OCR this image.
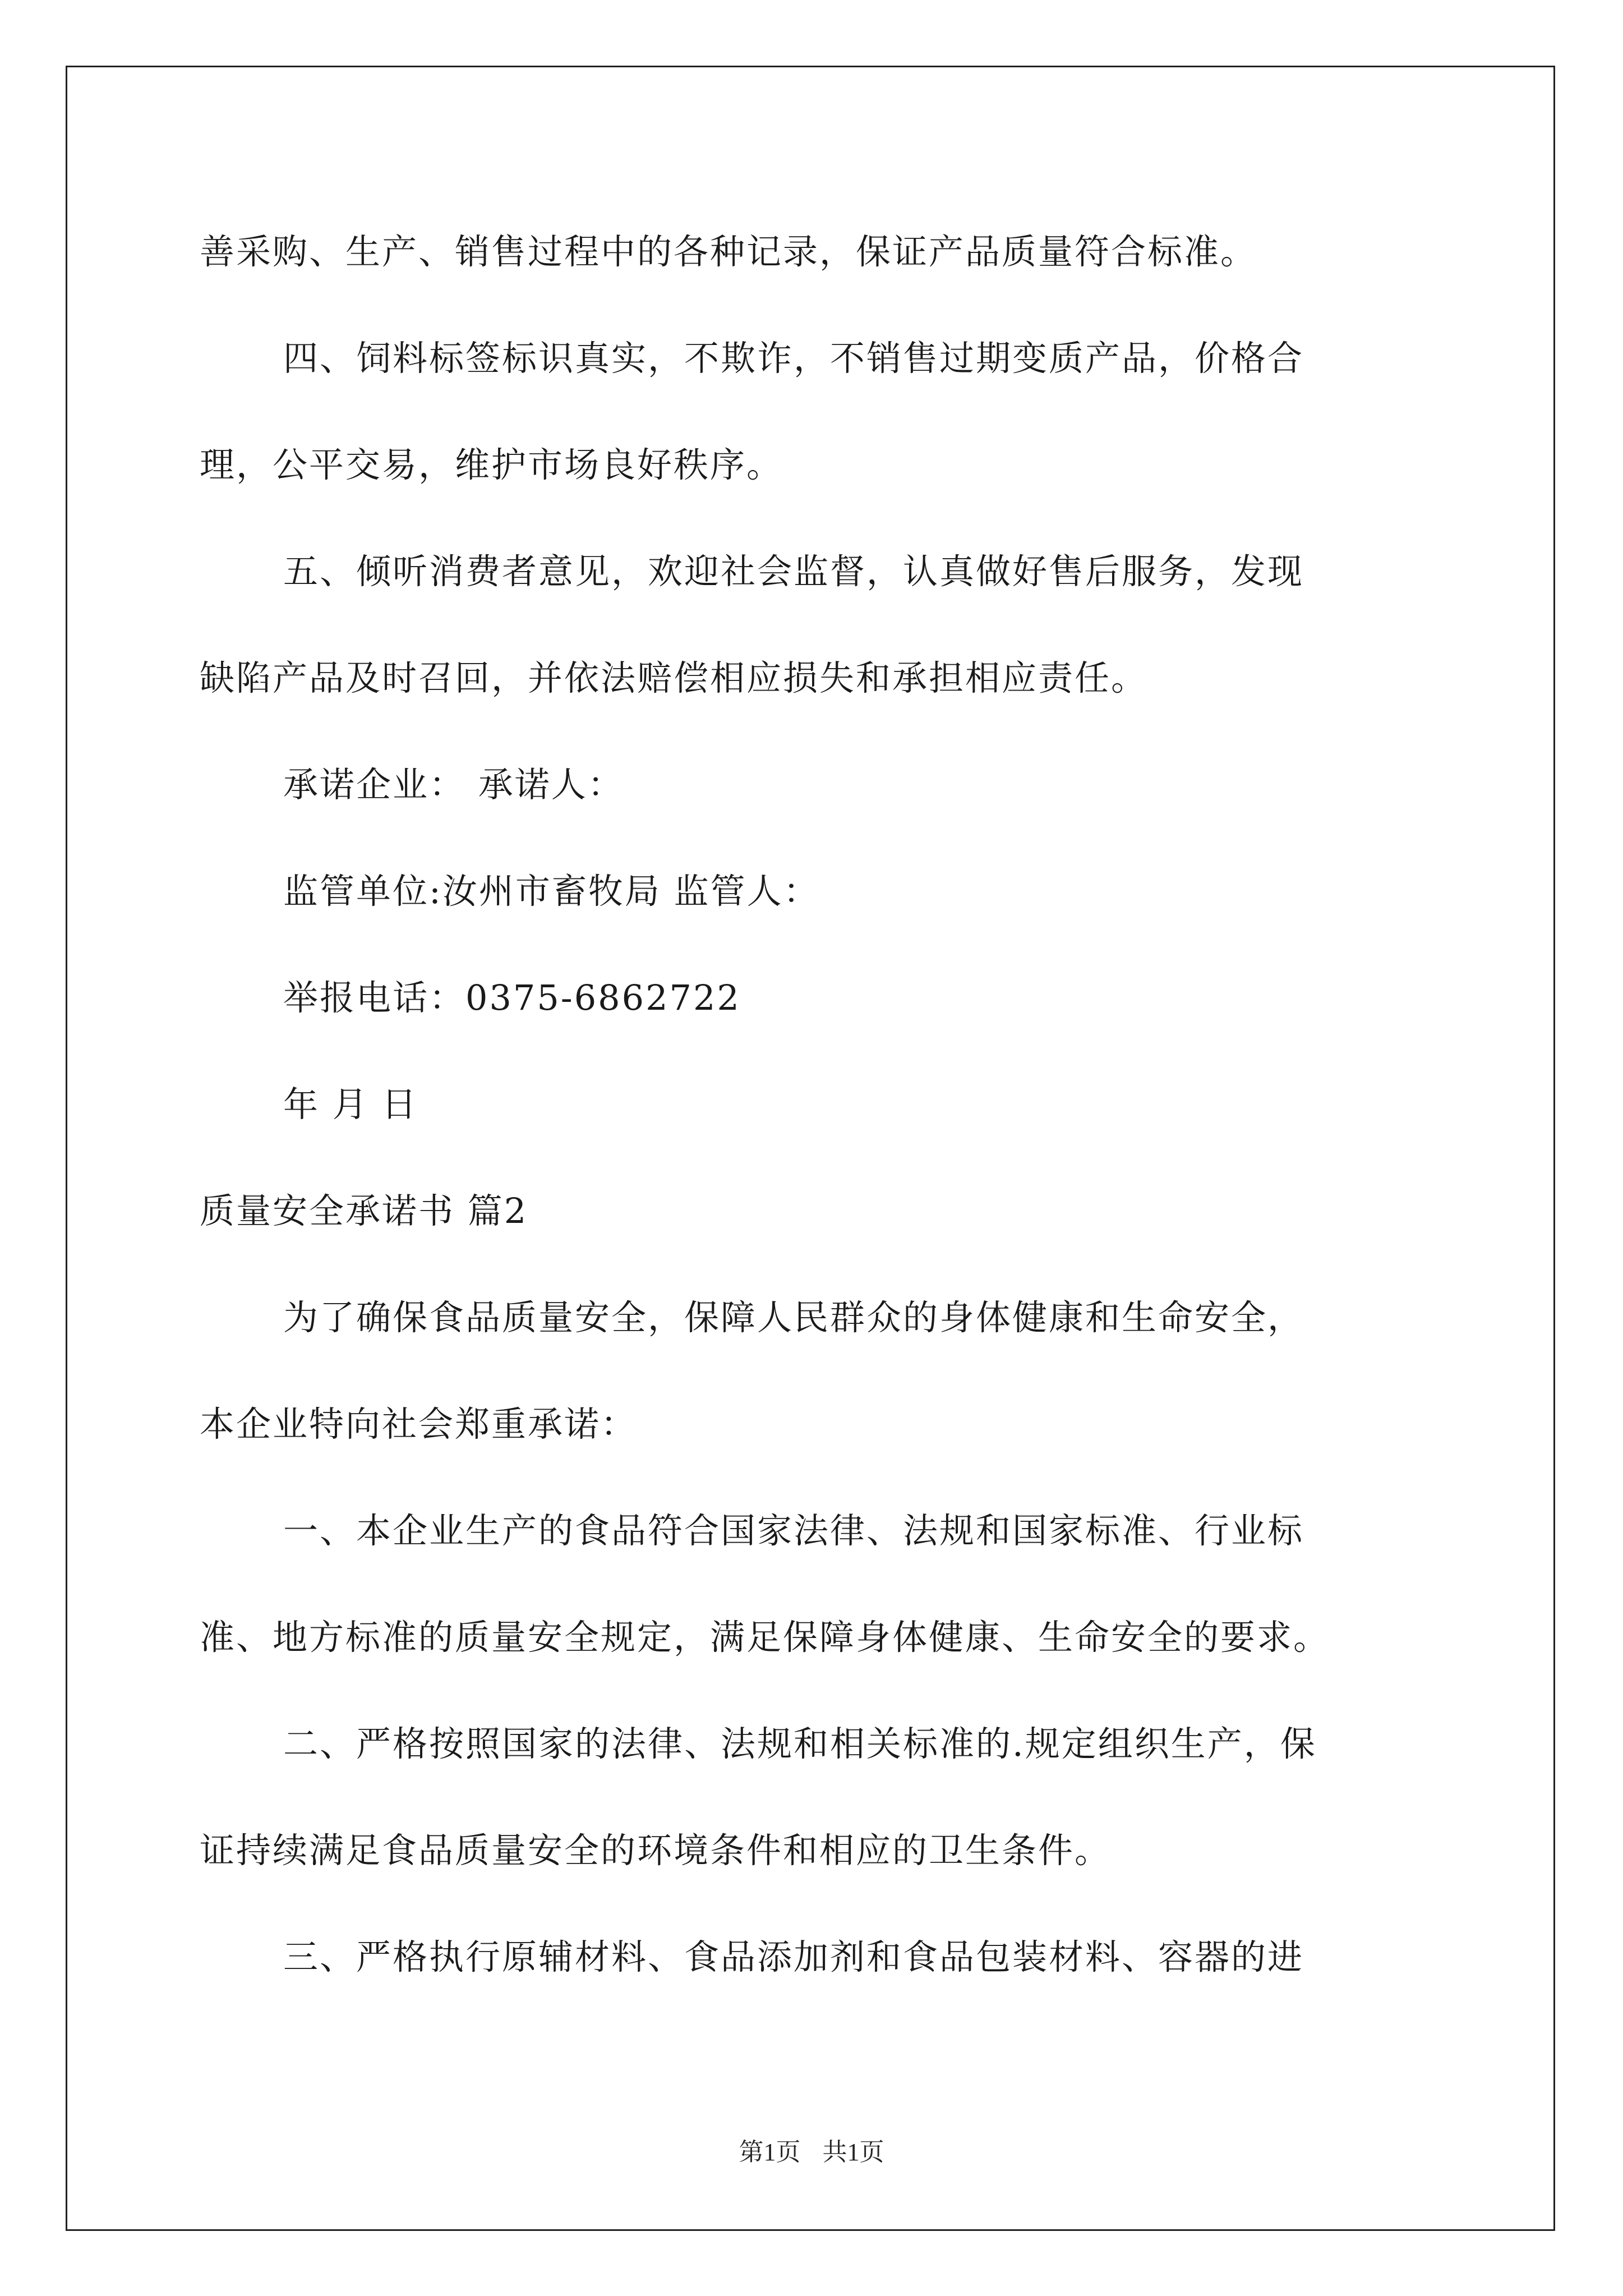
善采购、生产、销售过程中的各种记录，保证产品质量符合标准。
四、饲料标签标识真实，不欺诈，不销售过期变质产品，价格合
理，公平交易，维护市场良好秩序。
五、倾听消费者意见，欢迎社会监督，认真做好售后服务，发现
缺陷产品及时召回，并依法赔偿相应损失和承担相应责任。
承诺企业： 承诺人：
监管单位:汝州市畜牧局 监管人：
举报电话：0375-6862722
年 月 日
质量安全承诺书 篇2
为了确保食品质量安全，保障人民群众的身体健康和生命安全，
本企业特向社会郑重承诺：
一、本企业生产的食品符合国家法律、法规和国家标准、行业标
准、地方标准的质量安全规定，满足保障身体健康、生命安全的要求。
二、严格按照国家的法律、法规和相关标准的.规定组织生产，保
证持续满足食品质量安全的环境条件和相应的卫生条件。
三、严格执行原辅材料、食品添加剂和食品包装材料、容器的进
第1页 共1页
